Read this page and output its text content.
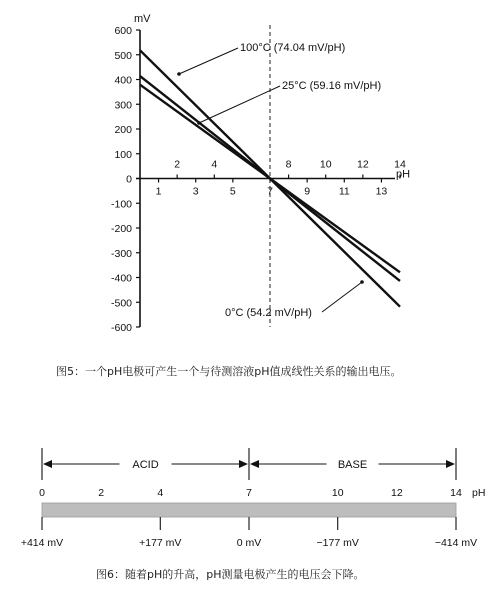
mV
pH
600
500
400
300
200
100
0
-100
-200
-300
-400
-500
-600
1	3	5	7	9	11 13
2	4	8	10 12 14
100°C (74.04 mV/pH)
25°C (59.16 mV/pH)
0°C (54.2 mV/pH)
图5：一个pH电极可产生一个与待测溶液pH值成线性关系的输出电压。
ACID	BASE
0	2	4	7	10	12	14 pH
+414 mV	+177 mV	0 mV	−177 mV	−414 mV
图6：随着pH的升高，pH测量电极产生的电压会下降。
